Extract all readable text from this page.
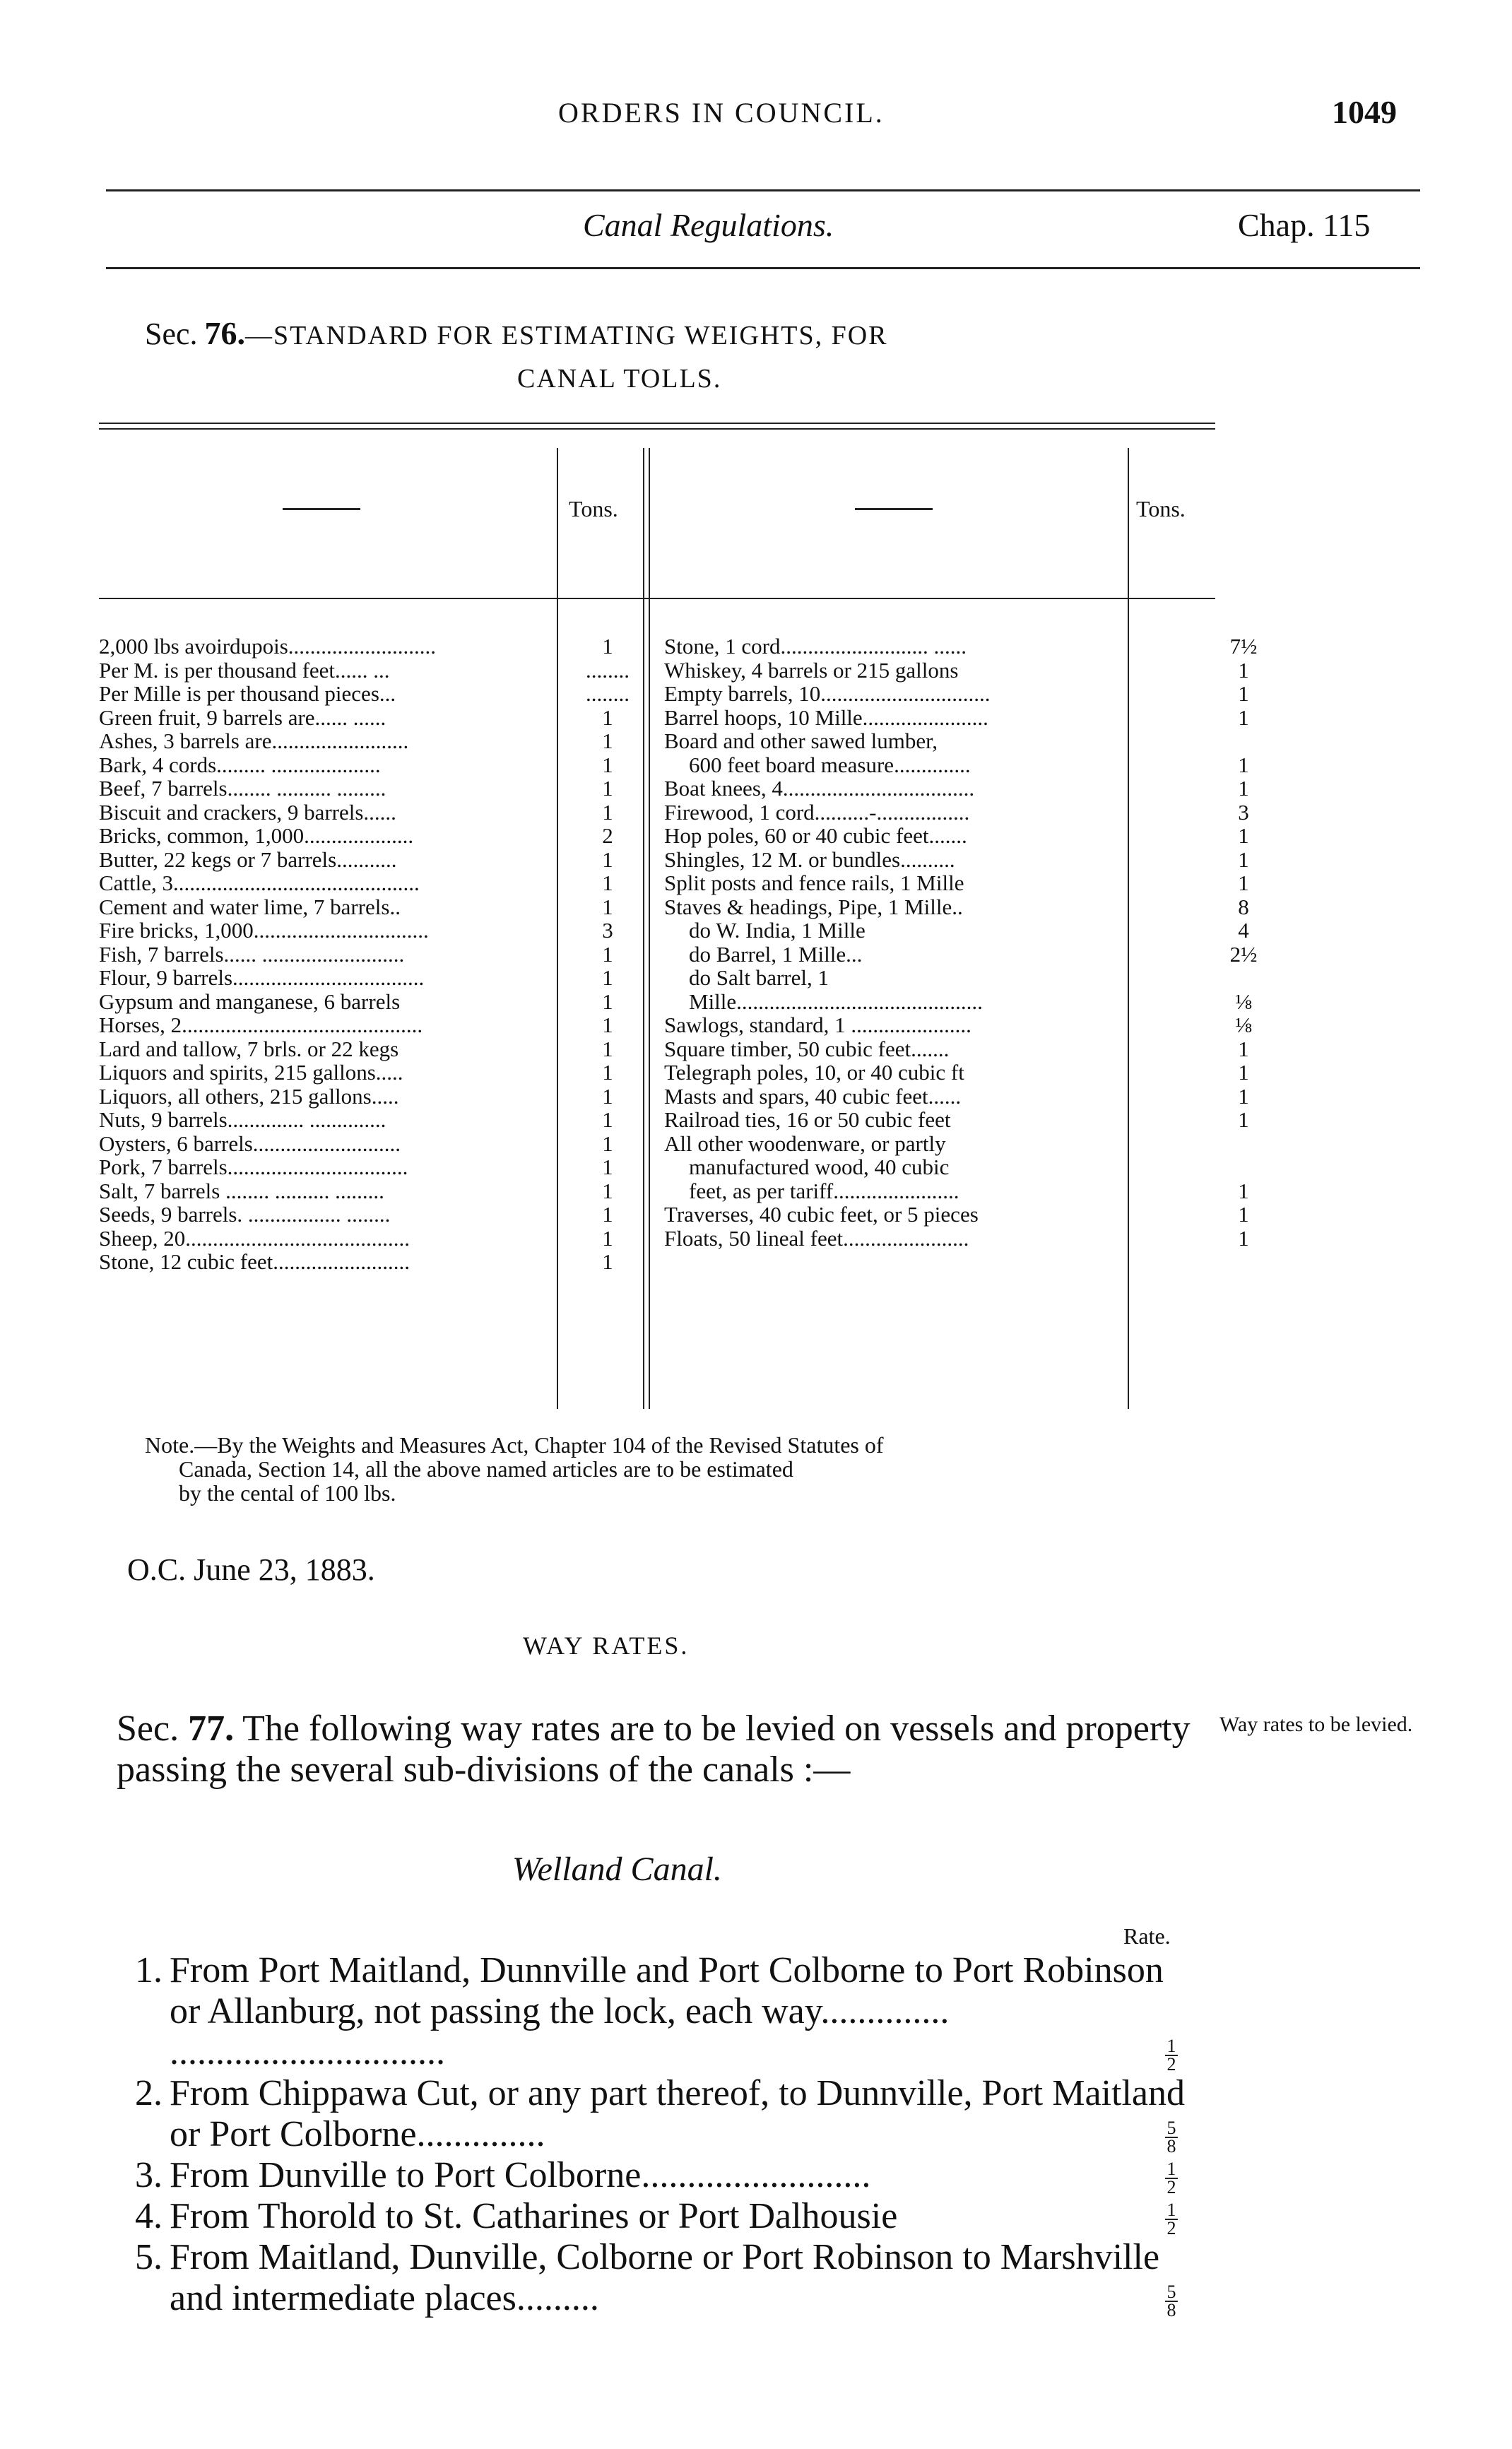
ORDERS IN COUNCIL.	1049
Canal Regulations.	Chap. 115
Sec. 76.—STANDARD FOR ESTIMATING WEIGHTS, FOR
CANAL TOLLS.
Tons.	Tons.
2,000 lbs avoirdupois...........................	1
Per M. is per thousand feet...... ...	........
Per Mille is per thousand pieces...	........
Green fruit, 9 barrels are...... ......	1
Ashes, 3 barrels are.........................	1
Bark, 4 cords......... ....................	1
Beef, 7 barrels........ .......... .........	1
Biscuit and crackers, 9 barrels......	1
Bricks, common, 1,000....................	2
Butter, 22 kegs or 7 barrels...........	1
Cattle, 3.............................................	1
Cement and water lime, 7 barrels..	1
Fire bricks, 1,000................................	3
Fish, 7 barrels...... ..........................	1
Flour, 9 barrels...................................	1
Gypsum and manganese, 6 barrels	1
Horses, 2............................................	1
Lard and tallow, 7 brls. or 22 kegs	1
Liquors and spirits, 215 gallons.....	1
Liquors, all others, 215 gallons.....	1
Nuts, 9 barrels.............. ..............	1
Oysters, 6 barrels...........................	1
Pork, 7 barrels.................................	1
Salt, 7 barrels ........ .......... .........	1
Seeds, 9 barrels. ................. ........	1
Sheep, 20.........................................	1
Stone, 12 cubic feet.........................	1
Stone, 1 cord........................... ......	7½
Whiskey, 4 barrels or 215 gallons	1
Empty barrels, 10...............................	1
Barrel hoops, 10 Mille.......................	1
Board and other sawed lumber,
600 feet board measure..............	1
Boat knees, 4...................................	1
Firewood, 1 cord..........-.................	3
Hop poles, 60 or 40 cubic feet.......	1
Shingles, 12 M. or bundles..........	1
Split posts and fence rails, 1 Mille	1
Staves & headings, Pipe, 1 Mille..	8
do W. India, 1 Mille	4
do Barrel, 1 Mille...	2½
do Salt barrel, 1
Mille.............................................	⅛
Sawlogs, standard, 1 ......................	⅛
Square timber, 50 cubic feet.......	1
Telegraph poles, 10, or 40 cubic ft	1
Masts and spars, 40 cubic feet......	1
Railroad ties, 16 or 50 cubic feet	1
All other woodenware, or partly
manufactured wood, 40 cubic
feet, as per tariff.......................	1
Traverses, 40 cubic feet, or 5 pieces	1
Floats, 50 lineal feet.......................	1
Note.—By the Weights and Measures Act, Chapter 104 of the Revised Statutes of
Canada, Section 14, all the above named articles are to be estimated
by the cental of 100 lbs.
O.C. June 23, 1883.
WAY RATES.
Sec. 77. The following way rates are to be levied on vessels and property passing the several sub-divisions of the canals :—
Way rates to be levied.
Welland Canal.
Rate.
1. From Port Maitland, Dunnville and Port Colborne to Port Robinson or Allanburg, not passing the lock, each way.............. ..............................	$\frac{1}{2}$
2. From Chippawa Cut, or any part thereof, to Dunnville, Port Maitland or Port Colborne..............	$\frac{5}{8}$
3. From Dunville to Port Colborne.........................	$\frac{1}{2}$
4. From Thorold to St. Catharines or Port Dalhousie	$\frac{1}{2}$
5. From Maitland, Dunville, Colborne or Port Robinson to Marshville and intermediate places.........	$\frac{5}{8}$
